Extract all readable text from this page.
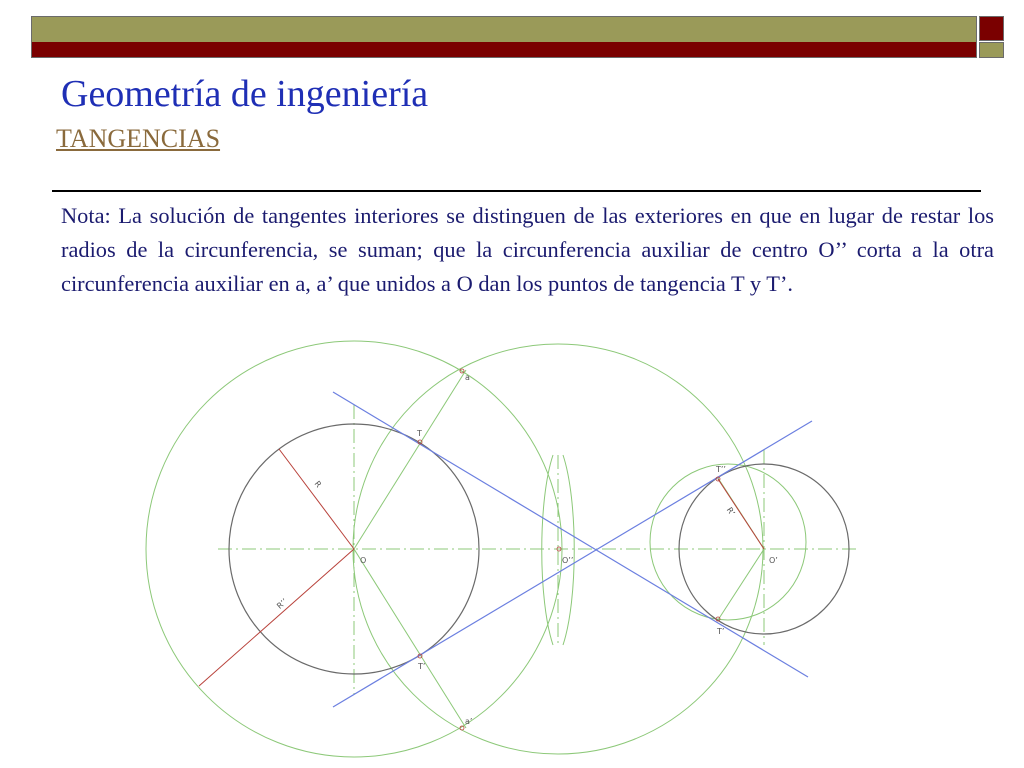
Geometría de ingeniería
TANGENCIAS
Nota: La solución de tangentes interiores se distinguen de las exteriores en que en lugar de restar los radios de la circunferencia, se suman; que la circunferencia auxiliar de centro O’’ corta a la otra circunferencia auxiliar en a, a’ que unidos a O dan los puntos de tangencia T y T’.
a
T
T’
a’
T’’
T’
R
R’
R’’
O	O’’	O’
